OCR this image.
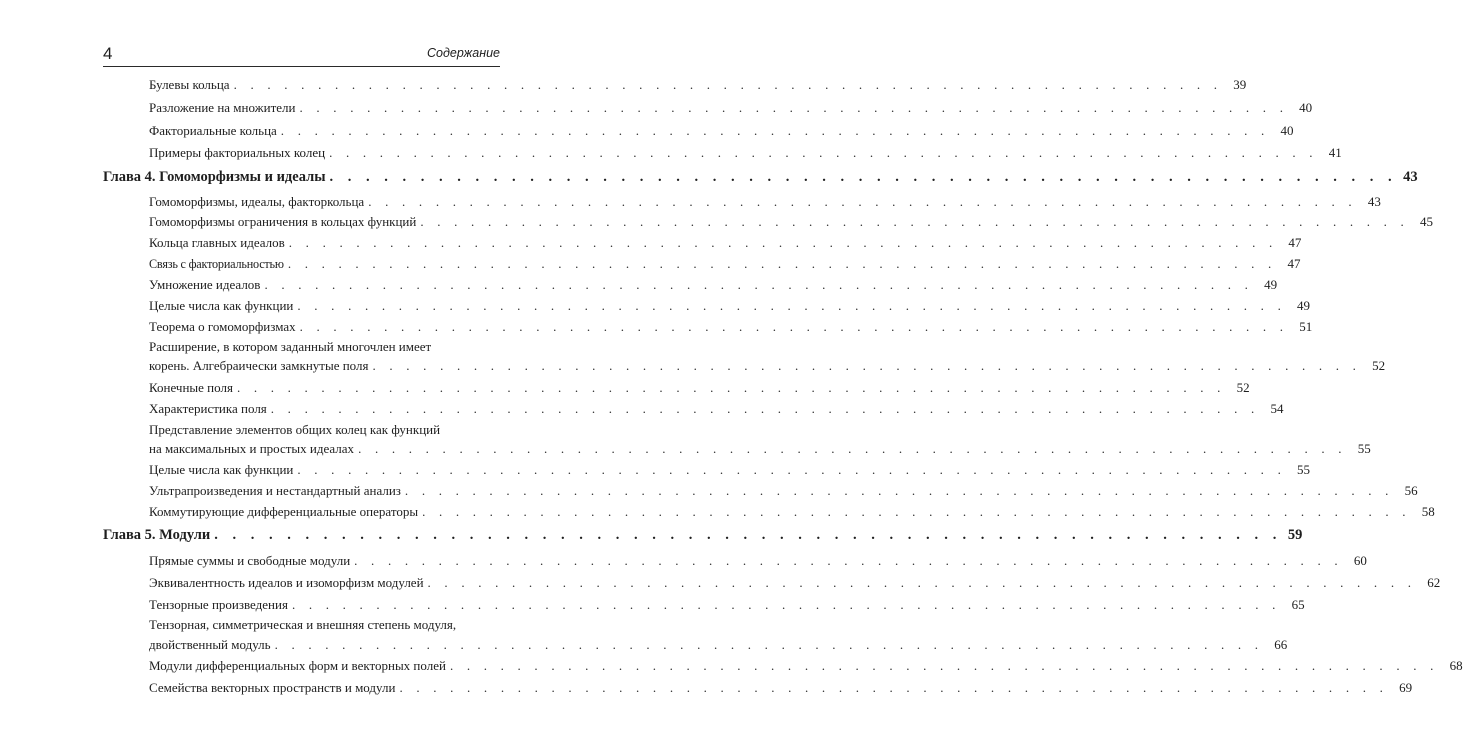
4	Содержание
Булевы кольца . . . . . . . . . . . . . . . . . . . . . . . . . . . . . . . . . . . . . . . . . . . . . . . . . . . . . . . . . . . 39
Разложение на множители . . . . . . . . . . . . . . . . . . . . . . . . . . . . . . . . . . . . . . . . . . . . . . . . . . . . . . . . . . . 40
Факториальные кольца . . . . . . . . . . . . . . . . . . . . . . . . . . . . . . . . . . . . . . . . . . . . . . . . . . . . . . . . . . . 40
Примеры факториальных колец . . . . . . . . . . . . . . . . . . . . . . . . . . . . . . . . . . . . . . . . . . . . . . . . . . . . . . . . . . . 41
Глава 4. Гомоморфизмы и идеалы . . . . . . . . . . . . . . . . . . . . . . . . . . . . . . . . . . . . . . . . . . . . . . . . . . . . . . . . . . . 43
Гомоморфизмы, идеалы, факторкольца . . . . . . . . . . . . . . . . . . . . . . . . . . . . . . . . . . . . . . . . . . . . . . . . . . . . . . . . . . . 43
Гомоморфизмы ограничения в кольцах функций . . . . . . . . . . . . . . . . . . . . . . . . . . . . . . . . . . . . . . . . . . . . . . . . . . . . . . . . . . . 45
Кольца главных идеалов . . . . . . . . . . . . . . . . . . . . . . . . . . . . . . . . . . . . . . . . . . . . . . . . . . . . . . . . . . . 47
Связь с факториальностью . . . . . . . . . . . . . . . . . . . . . . . . . . . . . . . . . . . . . . . . . . . . . . . . . . . . . . . . . . . 47
Умножение идеалов . . . . . . . . . . . . . . . . . . . . . . . . . . . . . . . . . . . . . . . . . . . . . . . . . . . . . . . . . . . 49
Целые числа как функции . . . . . . . . . . . . . . . . . . . . . . . . . . . . . . . . . . . . . . . . . . . . . . . . . . . . . . . . . . . 49
Теорема о гомоморфизмах . . . . . . . . . . . . . . . . . . . . . . . . . . . . . . . . . . . . . . . . . . . . . . . . . . . . . . . . . . . 51
Расширение, в котором заданный многочлен имеет
корень. Алгебраически замкнутые поля . . . . . . . . . . . . . . . . . . . . . . . . . . . . . . . . . . . . . . . . . . . . . . . . . . . . . . . . . . . 52
Конечные поля . . . . . . . . . . . . . . . . . . . . . . . . . . . . . . . . . . . . . . . . . . . . . . . . . . . . . . . . . . . 52
Характеристика поля . . . . . . . . . . . . . . . . . . . . . . . . . . . . . . . . . . . . . . . . . . . . . . . . . . . . . . . . . . . 54
Представление элементов общих колец как функций
на максимальных и простых идеалах . . . . . . . . . . . . . . . . . . . . . . . . . . . . . . . . . . . . . . . . . . . . . . . . . . . . . . . . . . . 55
Целые числа как функции . . . . . . . . . . . . . . . . . . . . . . . . . . . . . . . . . . . . . . . . . . . . . . . . . . . . . . . . . . . 55
Ультрапроизведения и нестандартный анализ . . . . . . . . . . . . . . . . . . . . . . . . . . . . . . . . . . . . . . . . . . . . . . . . . . . . . . . . . . . 56
Коммутирующие дифференциальные операторы . . . . . . . . . . . . . . . . . . . . . . . . . . . . . . . . . . . . . . . . . . . . . . . . . . . . . . . . . . . 58
Глава 5. Модули . . . . . . . . . . . . . . . . . . . . . . . . . . . . . . . . . . . . . . . . . . . . . . . . . . . . . . . . . . . 59
Прямые суммы и свободные модули . . . . . . . . . . . . . . . . . . . . . . . . . . . . . . . . . . . . . . . . . . . . . . . . . . . . . . . . . . . 60
Эквивалентность идеалов и изоморфизм модулей . . . . . . . . . . . . . . . . . . . . . . . . . . . . . . . . . . . . . . . . . . . . . . . . . . . . . . . . . . . 62
Тензорные произведения . . . . . . . . . . . . . . . . . . . . . . . . . . . . . . . . . . . . . . . . . . . . . . . . . . . . . . . . . . . 65
Тензорная, симметрическая и внешняя степень модуля,
двойственный модуль . . . . . . . . . . . . . . . . . . . . . . . . . . . . . . . . . . . . . . . . . . . . . . . . . . . . . . . . . . . 66
Модули дифференциальных форм и векторных полей . . . . . . . . . . . . . . . . . . . . . . . . . . . . . . . . . . . . . . . . . . . . . . . . . . . . . . . . . . . 68
Семейства векторных пространств и модули . . . . . . . . . . . . . . . . . . . . . . . . . . . . . . . . . . . . . . . . . . . . . . . . . . . . . . . . . . . 69
